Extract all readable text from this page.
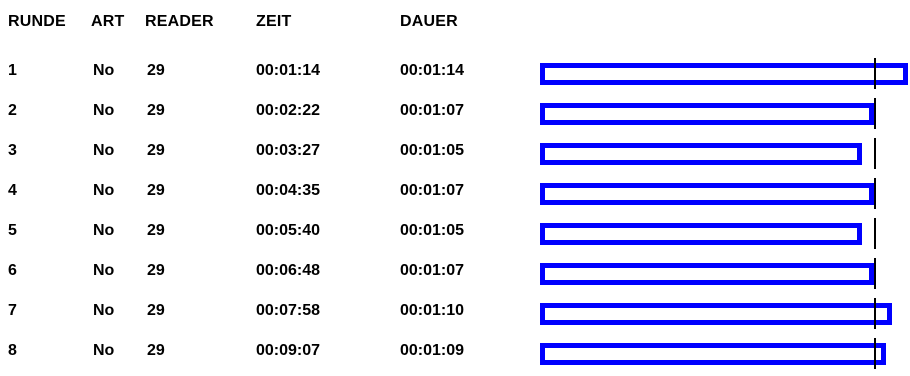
RUNDE ART READER	ZEIT	DAUER
1	No 29	00:01:14	00:01:14
2	No 29	00:02:22	00:01:07
3	No 29	00:03:27	00:01:05
4	No 29	00:04:35	00:01:07
5	No 29	00:05:40	00:01:05
6	No 29	00:06:48	00:01:07
7	No 29	00:07:58	00:01:10
8	No 29	00:09:07	00:01:09
